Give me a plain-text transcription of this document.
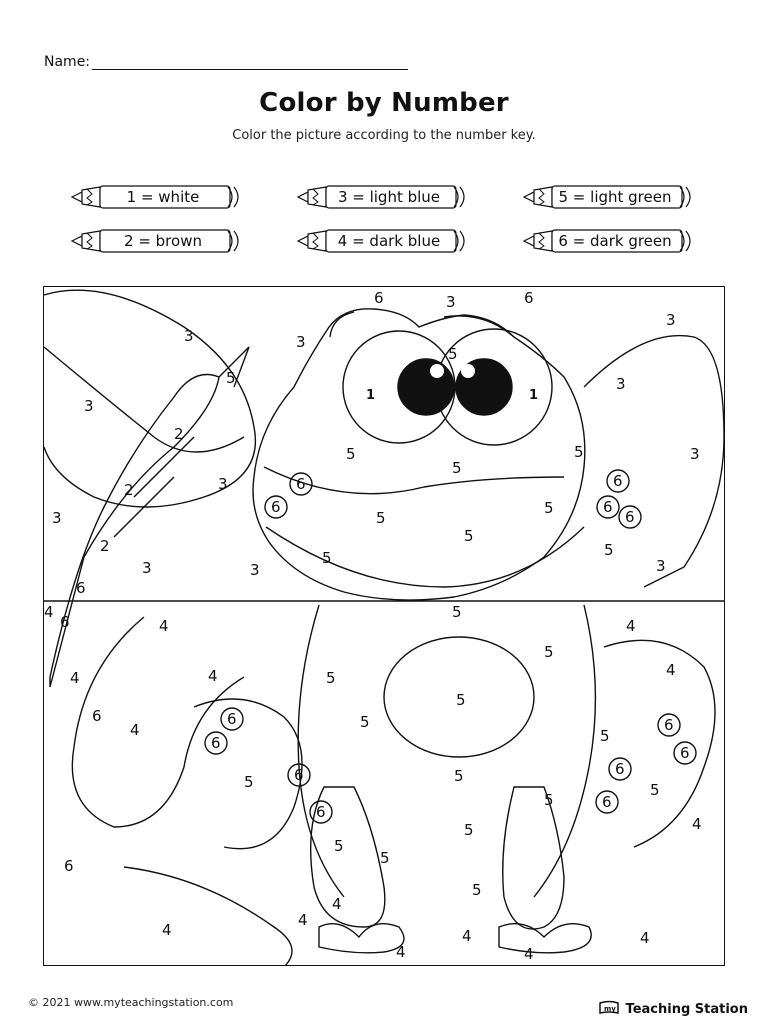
Name:
Color by Number
Color the picture according to the number key.
1 = white
2 = brown
3 = light blue
4 = dark blue
5 = light green
6 = dark green
3
3
3
3
3
3
3
3
3
3
3
3
2
2
2
1	1
5
5
5
5
5
5
5
5
5	5
5
5
5
5
5
5
5	5
5
5
5
5
5
5
4
4
4
4
4
4
4
4
4
4
4
4
4
4
4
6	6
6
6
6
6
6
6
6
6
6
6
6
6
6
6
6
6
6
© 2021 www.myteachingstation.com	my Teaching Station
